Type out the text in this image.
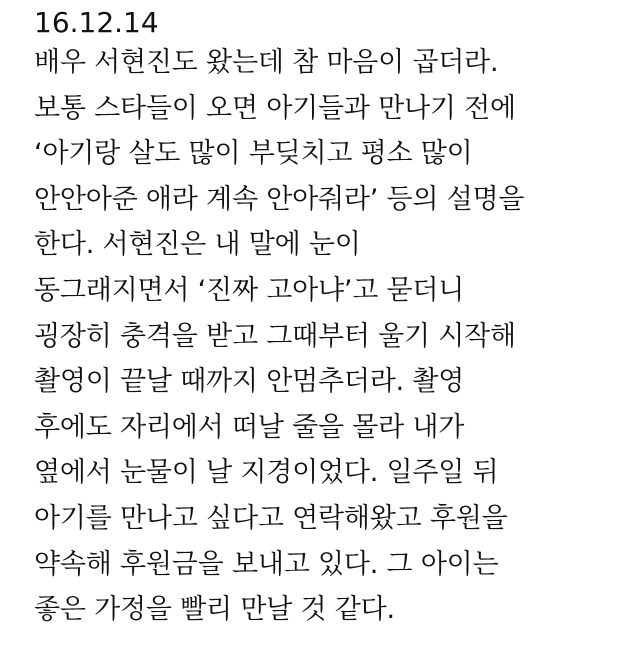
16.12.14
배우 서현진도 왔는데 참 마음이 곱더라.
보통 스타들이 오면 아기들과 만나기 전에
‘아기랑 살도 많이 부딪치고 평소 많이
안안아준 애라 계속 안아줘라’ 등의 설명을
한다. 서현진은 내 말에 눈이
동그래지면서 ‘진짜 고아냐’고 묻더니
굉장히 충격을 받고 그때부터 울기 시작해
촬영이 끝날 때까지 안멈추더라. 촬영
후에도 자리에서 떠날 줄을 몰라 내가
옆에서 눈물이 날 지경이었다. 일주일 뒤
아기를 만나고 싶다고 연락해왔고 후원을
약속해 후원금을 보내고 있다. 그 아이는
좋은 가정을 빨리 만날 것 같다.
